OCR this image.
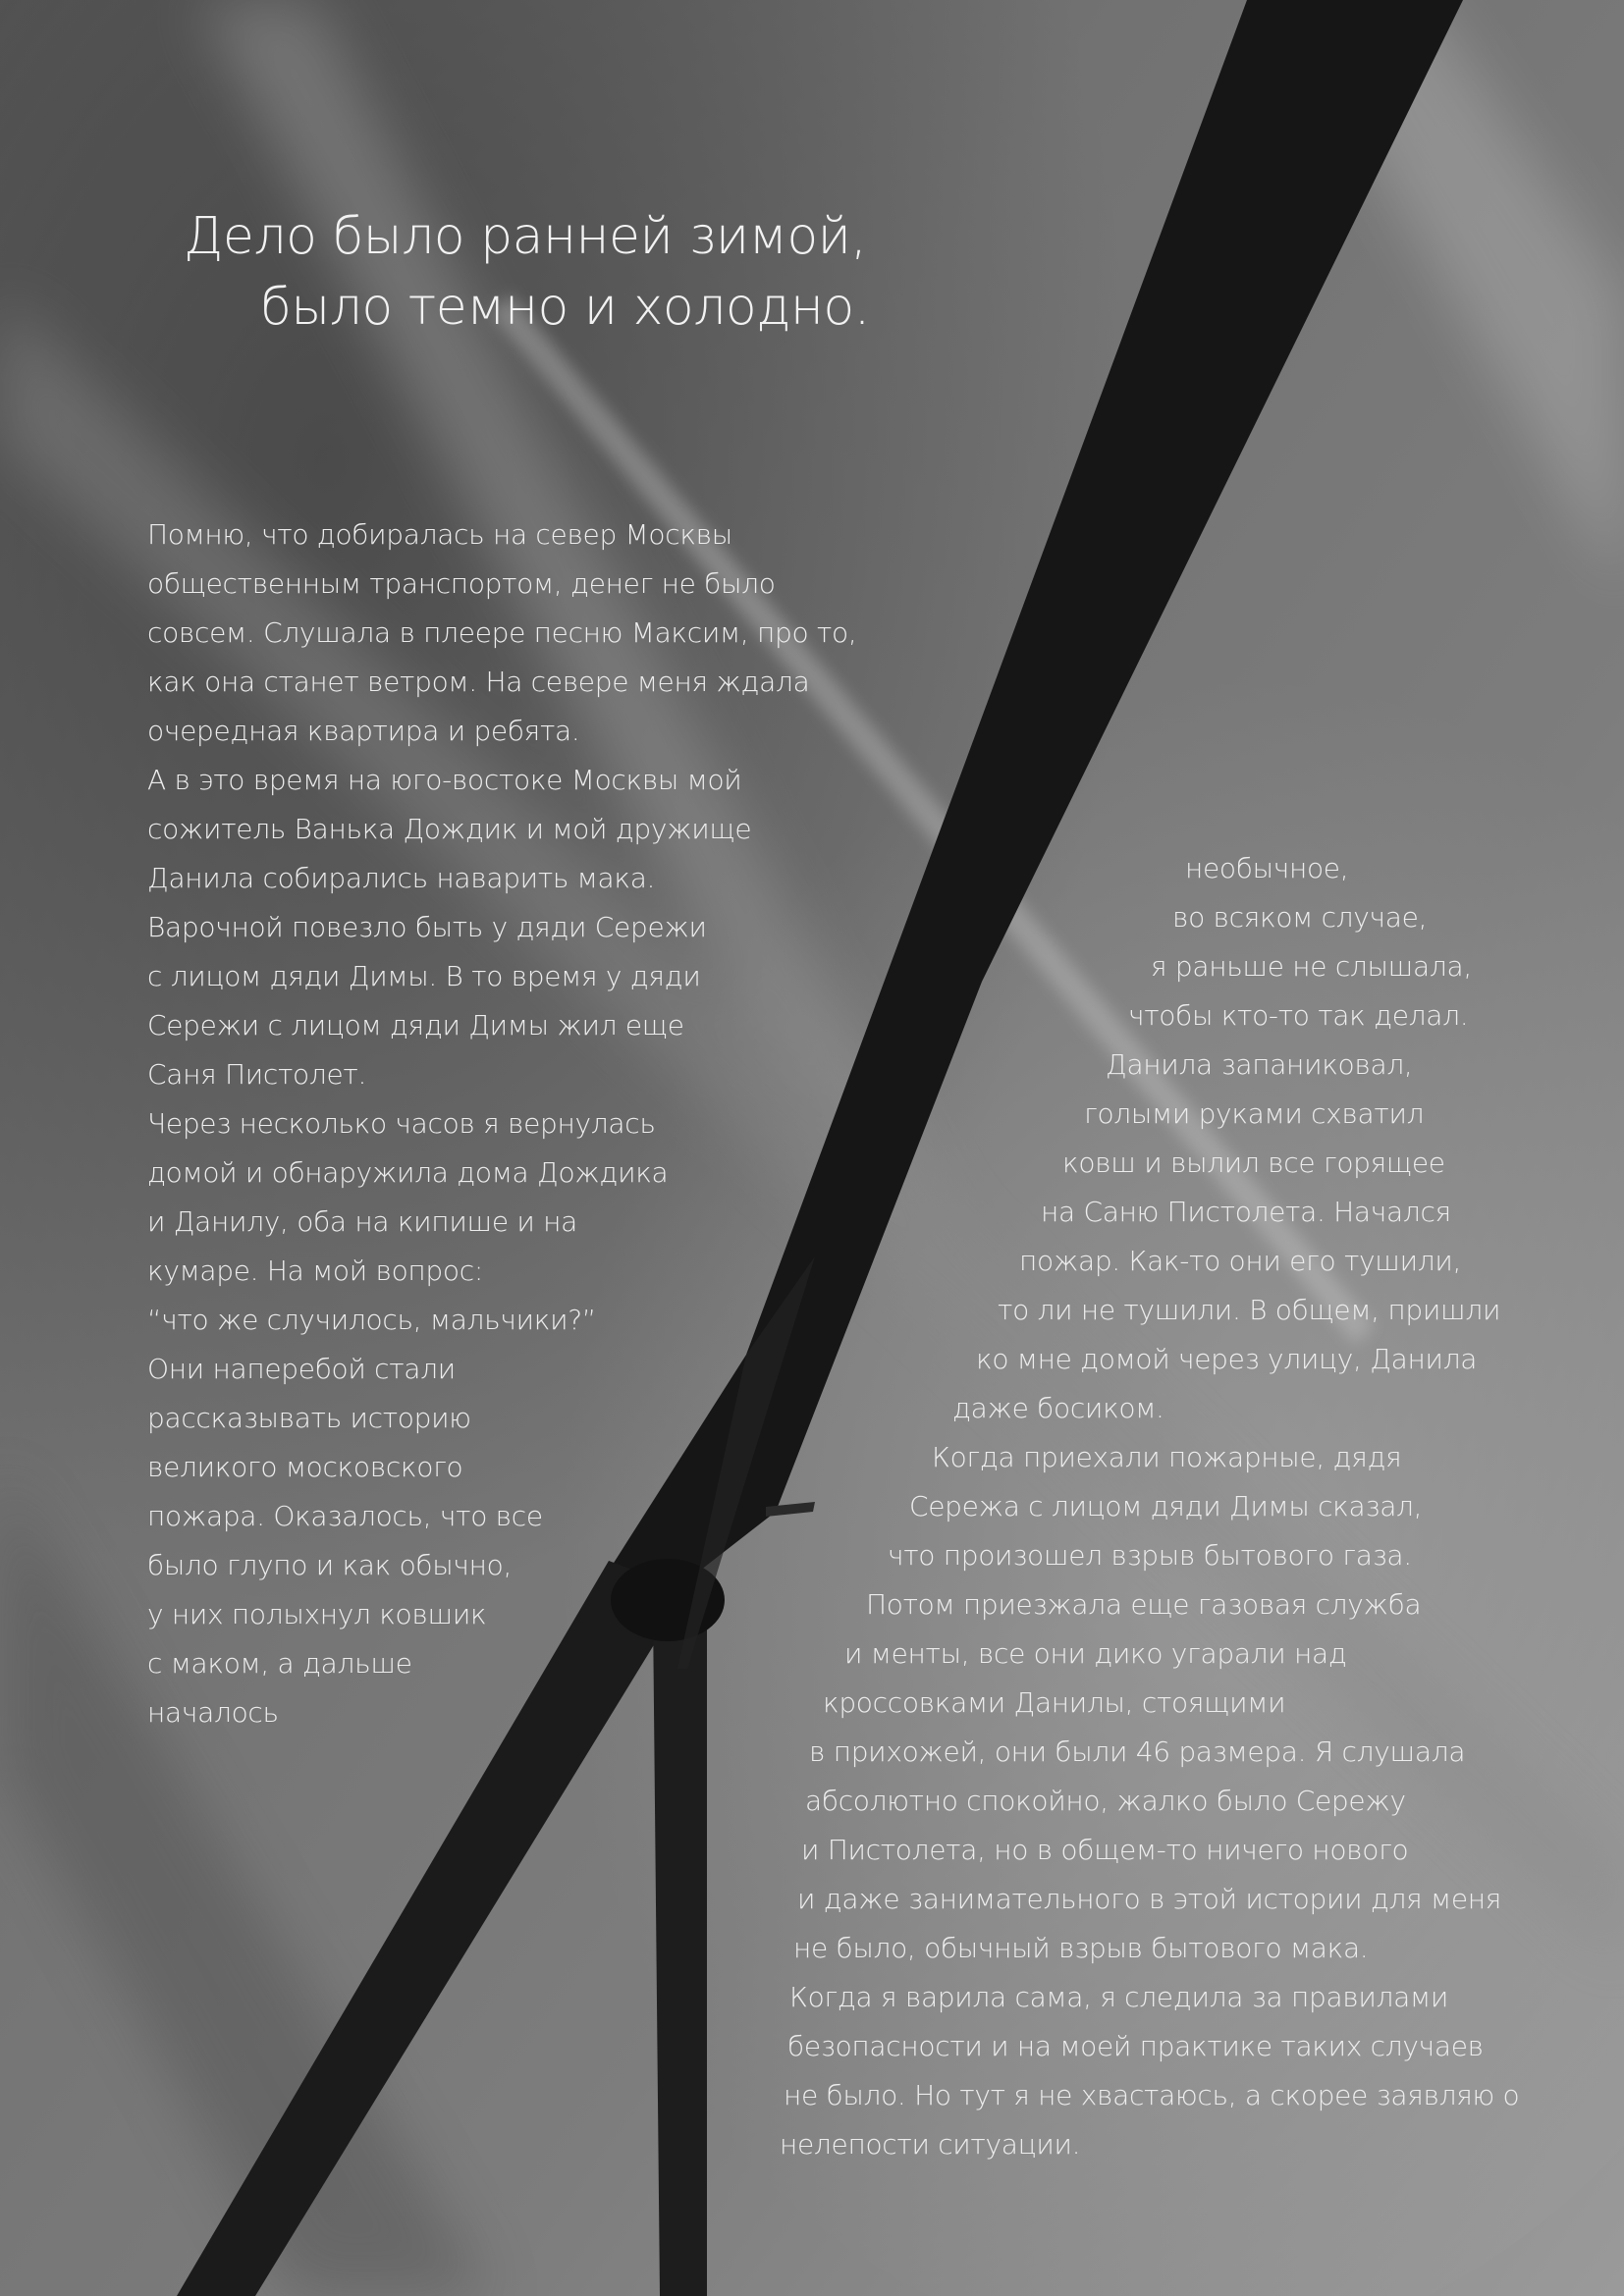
Дело было ранней зимой,
было темно и холодно.
Помню, что добиралась на север Москвы
общественным транспортом, денег не было
совсем. Слушала в плеере песню Максим, про то,
как она станет ветром. На севере меня ждала
очередная квартира и ребята.
А в это время на юго-востоке Москвы мой
сожитель Ванька Дождик и мой дружище
Данила собирались наварить мака.
Варочной повезло быть у дяди Сережи
с лицом дяди Димы. В то время у дяди
Сережи с лицом дяди Димы жил еще
Саня Пистолет.
Через несколько часов я вернулась
домой и обнаружила дома Дождика
и Данилу, оба на кипише и на
кумаре. На мой вопрос:
“что же случилось, мальчики?”
Они наперебой стали
рассказывать историю
великого московского
пожара. Оказалось, что все
было глупо и как обычно,
у них полыхнул ковшик
с маком, а дальше
началось
необычное,
во всяком случае,
я раньше не слышала,
чтобы кто-то так делал.
Данила запаниковал,
голыми руками схватил
ковш и вылил все горящее
на Саню Пистолета. Начался
пожар. Как-то они его тушили,
то ли не тушили. В общем, пришли
ко мне домой через улицу, Данила
даже босиком.
Когда приехали пожарные, дядя
Сережа с лицом дяди Димы сказал,
что произошел взрыв бытового газа.
Потом приезжала еще газовая служба
и менты, все они дико угарали над
кроссовками Данилы, стоящими
в прихожей, они были 46 размера. Я слушала
абсолютно спокойно, жалко было Сережу
и Пистолета, но в общем-то ничего нового
и даже занимательного в этой истории для меня
не было, обычный взрыв бытового мака.
Когда я варила сама, я следила за правилами
безопасности и на моей практике таких случаев
не было. Но тут я не хвастаюсь, а скорее заявляю о
нелепости ситуации.
